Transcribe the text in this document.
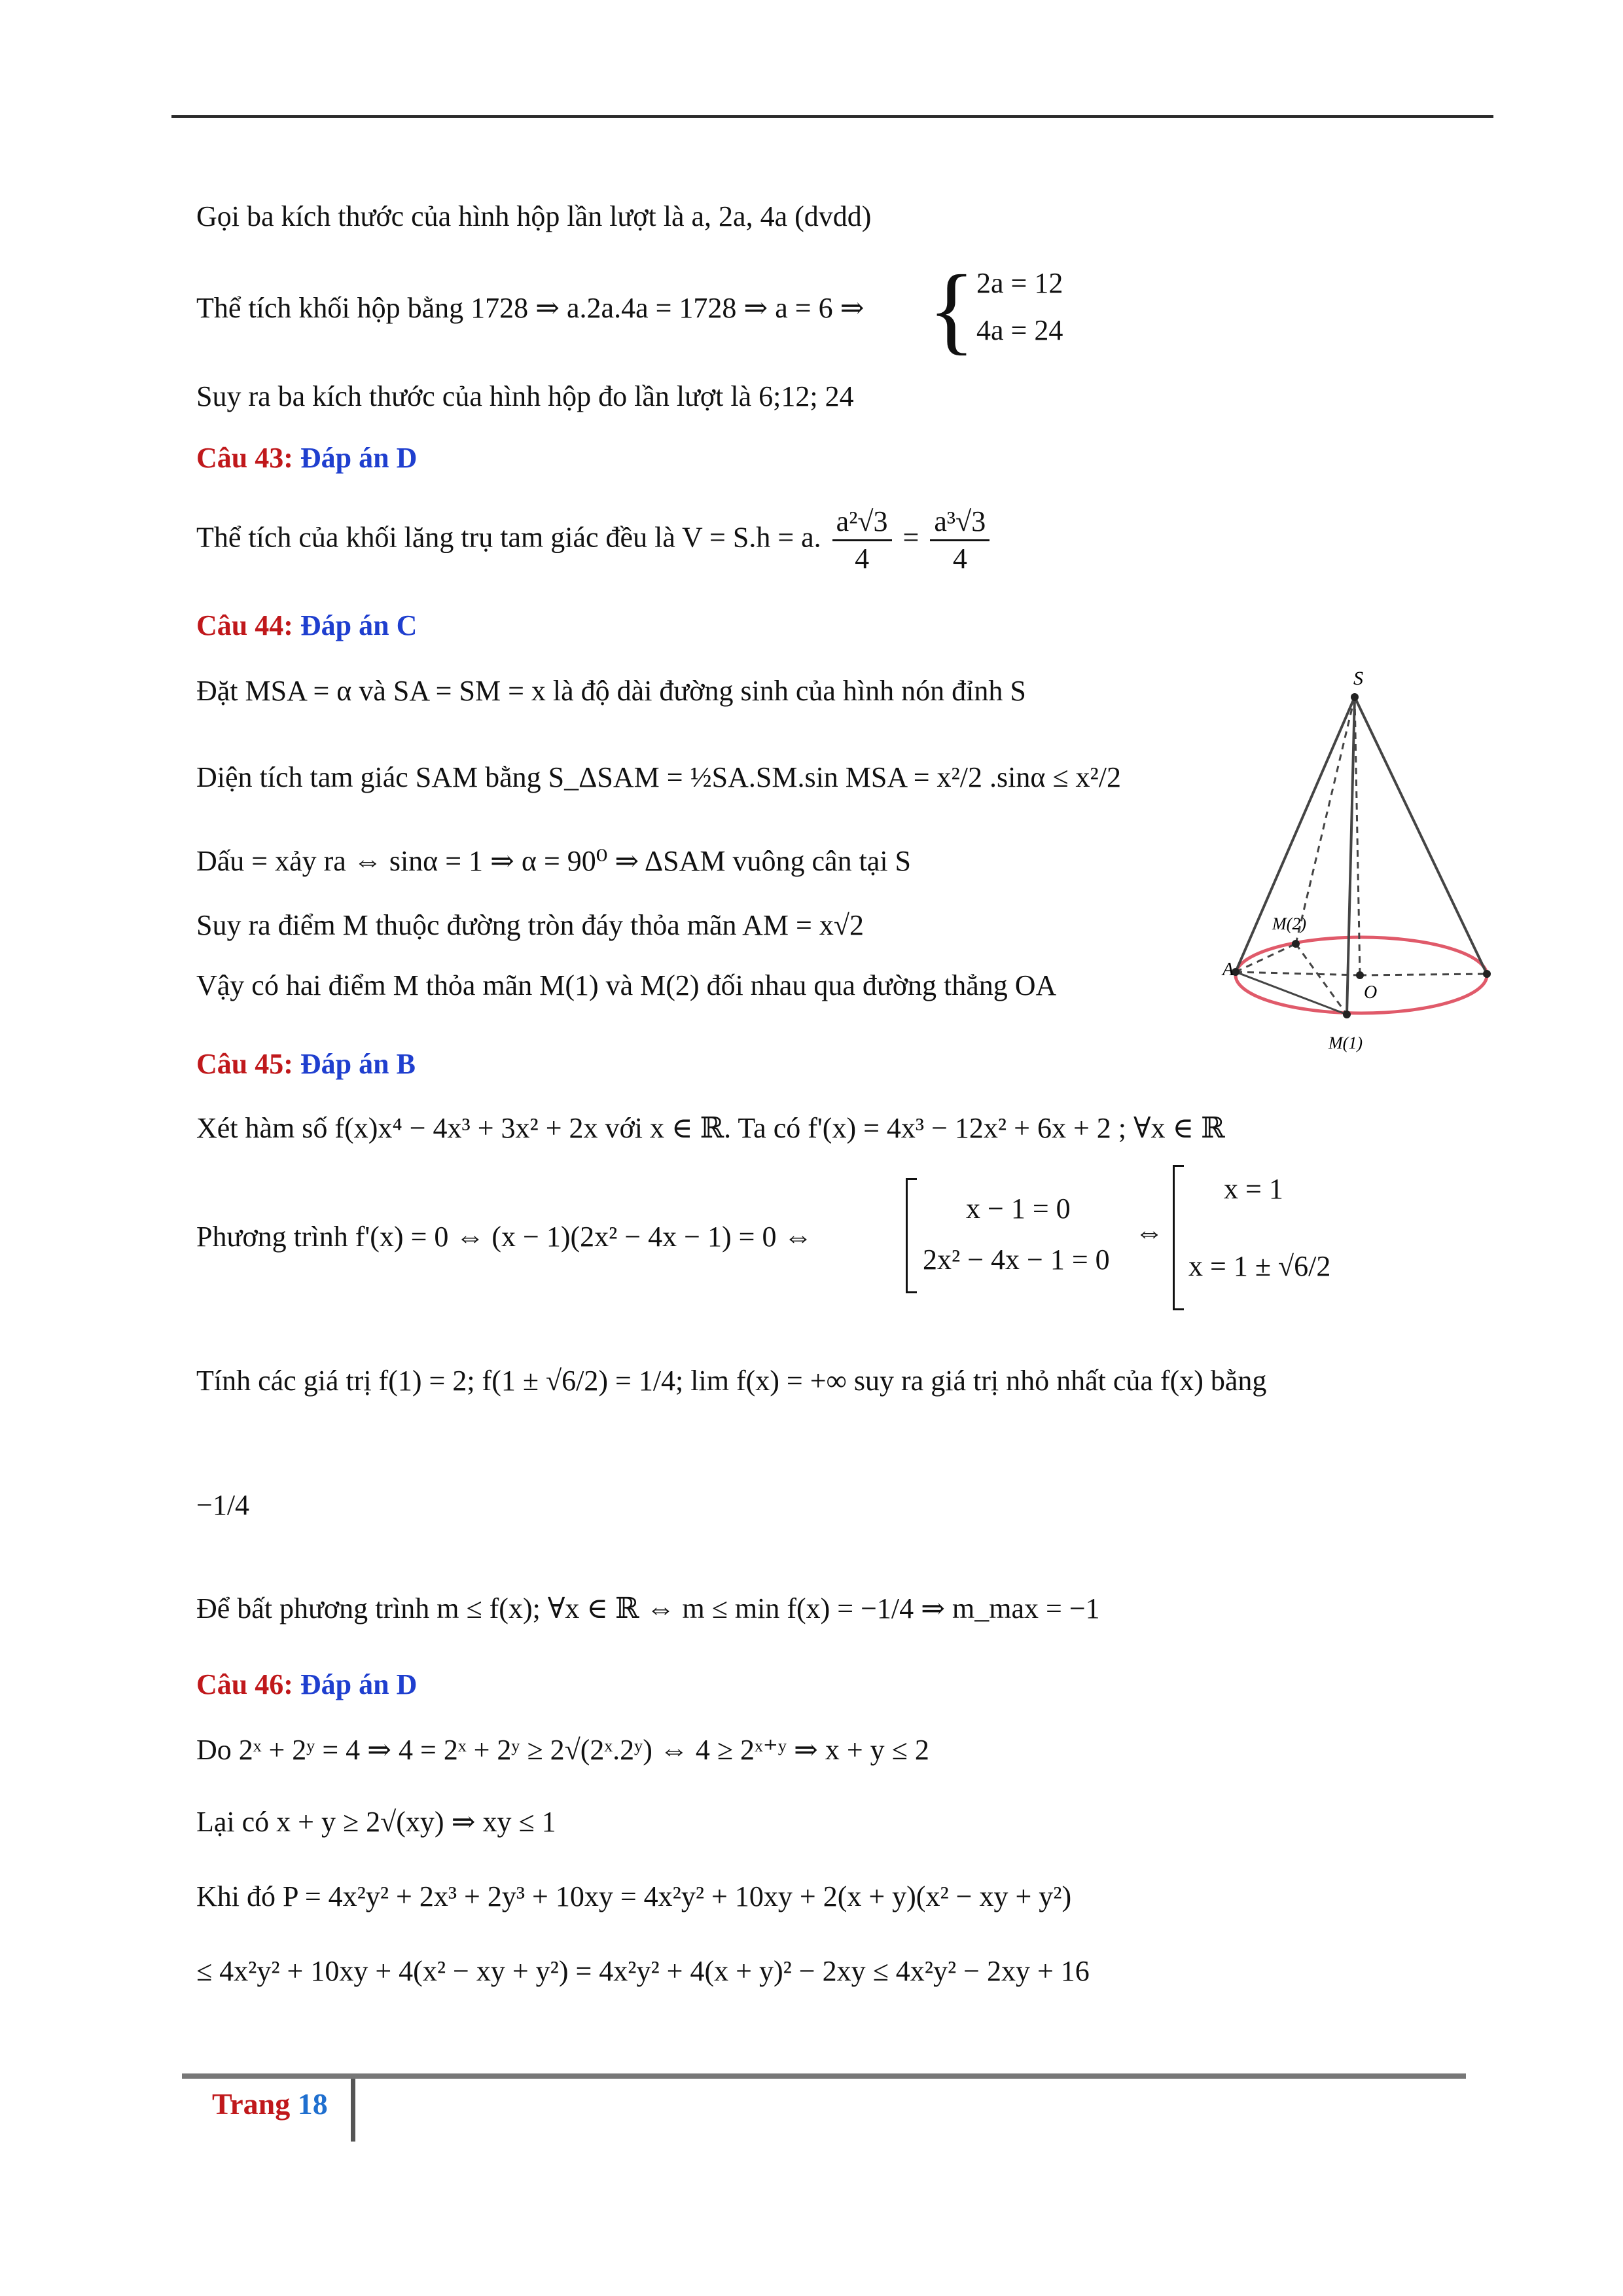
Gọi ba kích thước của hình hộp lần lượt là a, 2a, 4a (dvdd)
Thể tích khối hộp bằng 1728 ⇒ a.2a.4a = 1728 ⇒ a = 6 ⇒ { 2a = 12
4a = 24
Suy ra ba kích thước của hình hộp đo lần lượt là 6;12; 24
Câu 43: Đáp án D
Thể tích của khối lăng trụ tam giác đều là V = S.h = a. $\frac{\text{a²√3}}{4} = \frac{\text{a³√3}}{4}$
Câu 44: Đáp án C
Đặt MSA = α và SA = SM = x là độ dài đường sinh của hình nón đỉnh S
Diện tích tam giác SAM bằng S_ΔSAM = ½SA.SM.sin MSA = x²/2 .sinα ≤ x²/2
Dấu = xảy ra ⇔ sinα = 1 ⇒ α = 90⁰ ⇒ ΔSAM vuông cân tại S
Suy ra điểm M thuộc đường tròn đáy thỏa mãn AM = x√2
Vậy có hai điểm M thỏa mãn M(1) và M(2) đối nhau qua đường thẳng OA
S
A
O
M(1)
M(2)
Câu 45: Đáp án B
Xét hàm số f(x)x⁴ − 4x³ + 3x² + 2x với x ∈ ℝ. Ta có f'(x) = 4x³ − 12x² + 6x + 2 ; ∀x ∈ ℝ
Phương trình f'(x) = 0 ⇔ (x − 1)(2x² − 4x − 1) = 0 ⇔
x − 1 = 0
2x² − 4x − 1 = 0
⇔
x = 1
x = 1 ± √6/2
Tính các giá trị f(1) = 2; f(1 ± √6/2) = 1/4; lim f(x) = +∞ suy ra giá trị nhỏ nhất của f(x) bằng
−1/4
Để bất phương trình m ≤ f(x); ∀x ∈ ℝ ⇔ m ≤ min f(x) = −1/4 ⇒ m_max = −1
Câu 46: Đáp án D
Do 2ˣ + 2ʸ = 4 ⇒ 4 = 2ˣ + 2ʸ ≥ 2√(2ˣ.2ʸ) ⇔ 4 ≥ 2ˣ⁺ʸ ⇒ x + y ≤ 2
Lại có x + y ≥ 2√(xy) ⇒ xy ≤ 1
Khi đó P = 4x²y² + 2x³ + 2y³ + 10xy = 4x²y² + 10xy + 2(x + y)(x² − xy + y²)
≤ 4x²y² + 10xy + 4(x² − xy + y²) = 4x²y² + 4(x + y)² − 2xy ≤ 4x²y² − 2xy + 16
Trang 18
